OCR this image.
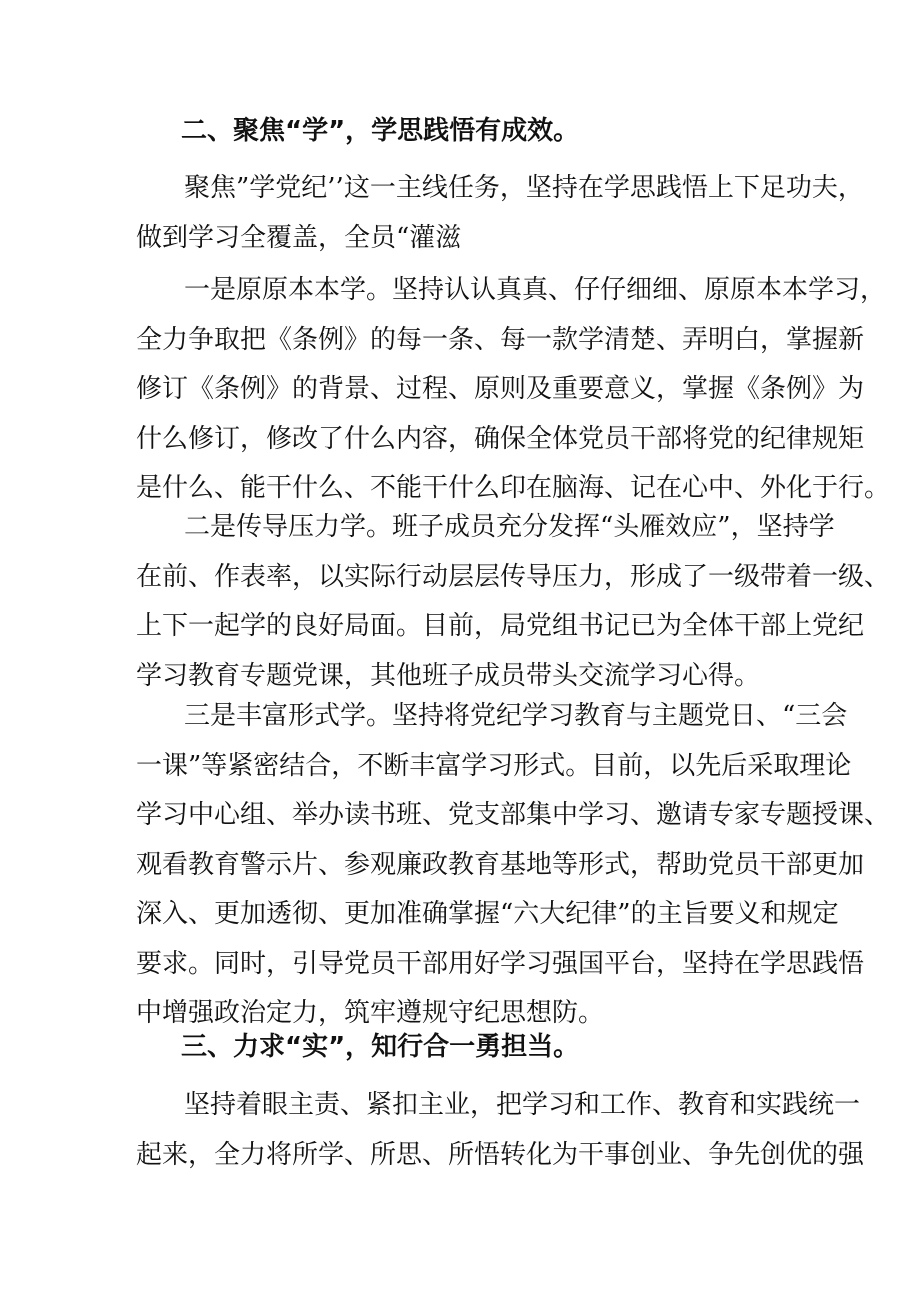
二、聚焦“学”，学思践悟有成效。
聚焦”学党纪’’这一主线任务，坚持在学思践悟上下足功夫，
做到学习全覆盖，全员“灌滋
一是原原本本学。坚持认认真真、仔仔细细、原原本本学习，
全力争取把《条例》的每一条、每一款学清楚、弄明白，掌握新
修订《条例》的背景、过程、原则及重要意义，掌握《条例》为
什么修订，修改了什么内容，确保全体党员干部将党的纪律规矩
是什么、能干什么、不能干什么印在脑海、记在心中、外化于行。
二是传导压力学。班子成员充分发挥“头雁效应”，坚持学
在前、作表率，以实际行动层层传导压力，形成了一级带着一级、
上下一起学的良好局面。目前，局党组书记已为全体干部上党纪
学习教育专题党课，其他班子成员带头交流学习心得。
三是丰富形式学。坚持将党纪学习教育与主题党日、“三会
一课”等紧密结合，不断丰富学习形式。目前，以先后采取理论
学习中心组、举办读书班、党支部集中学习、邀请专家专题授课、
观看教育警示片、参观廉政教育基地等形式，帮助党员干部更加
深入、更加透彻、更加准确掌握“六大纪律”的主旨要义和规定
要求。同时，引导党员干部用好学习强国平台，坚持在学思践悟
中增强政治定力，筑牢遵规守纪思想防。
三、力求“实”，知行合一勇担当。
坚持着眼主责、紧扣主业，把学习和工作、教育和实践统一
起来，全力将所学、所思、所悟转化为干事创业、争先创优的强
